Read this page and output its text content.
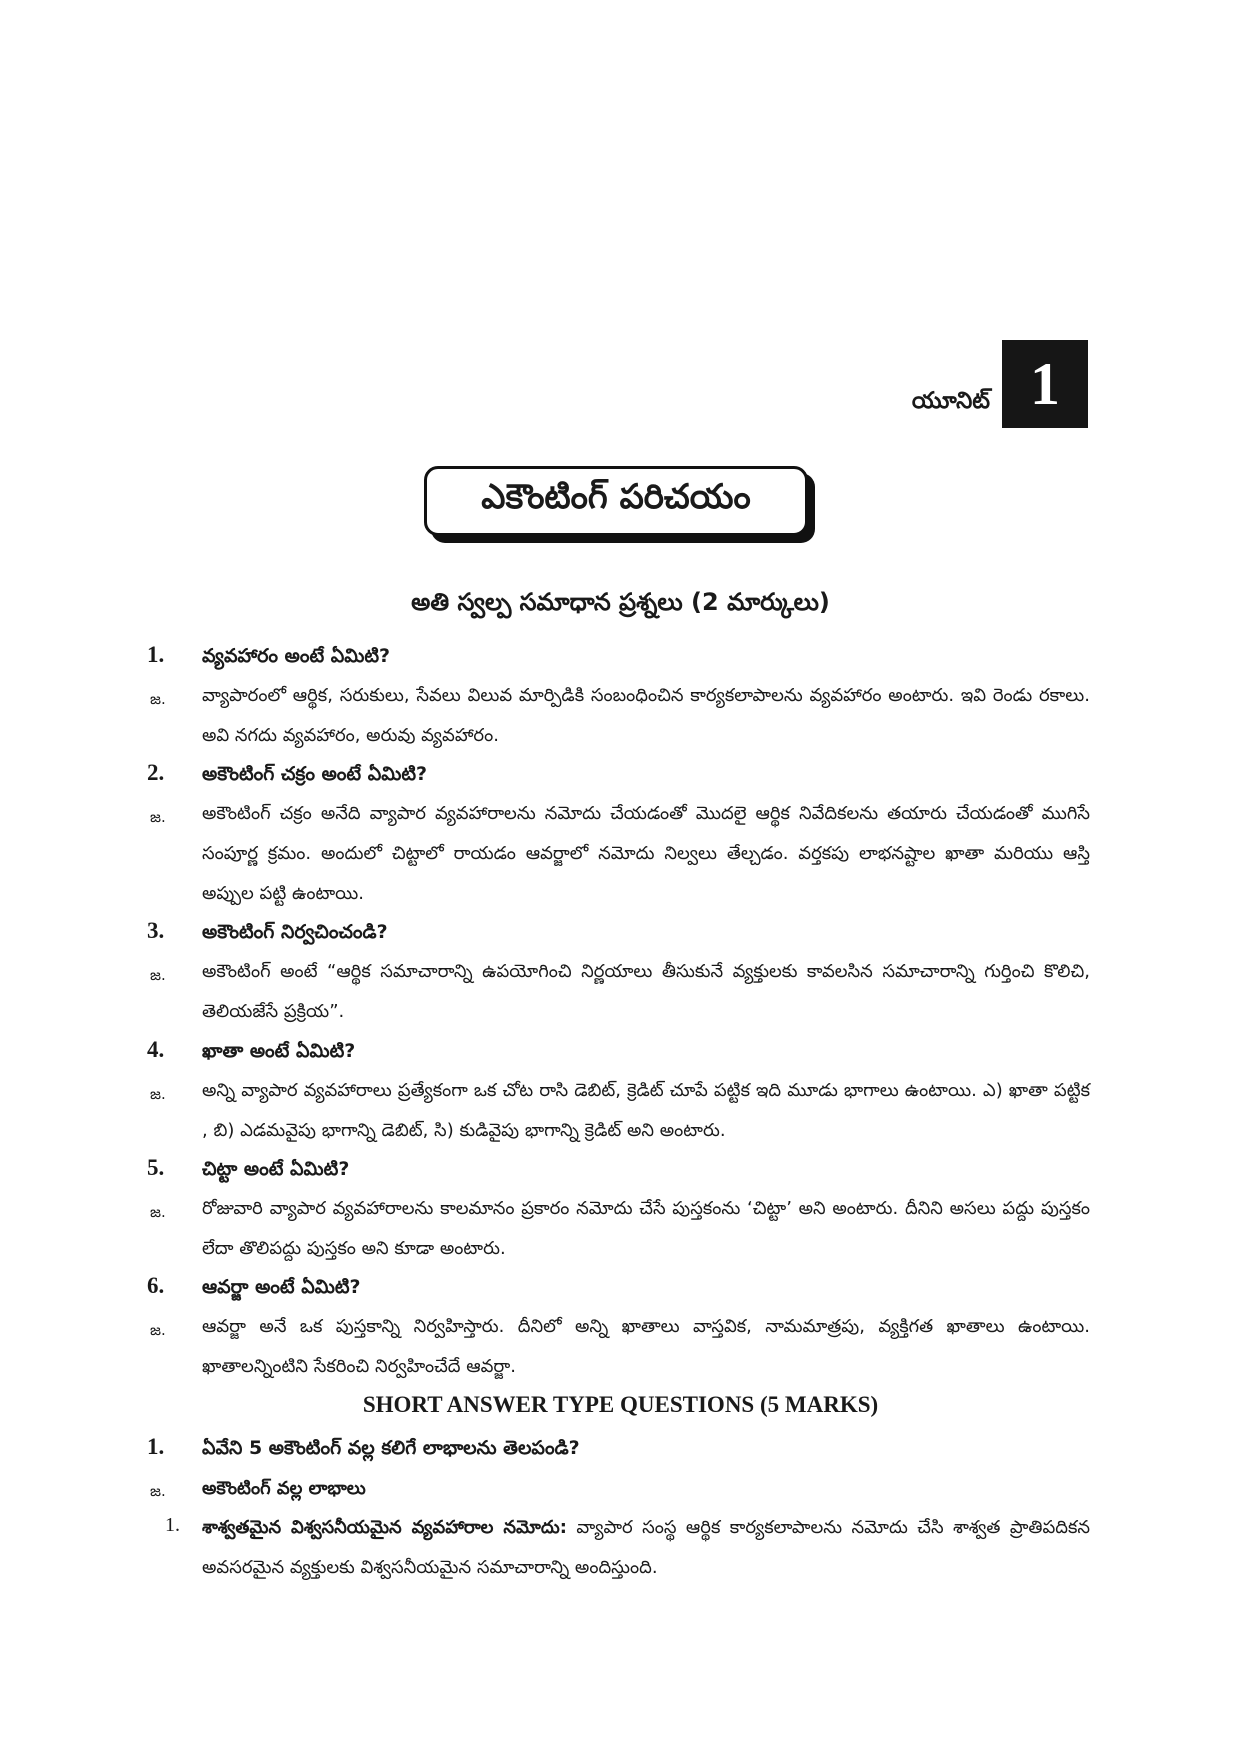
యూనిట్ 1
ఎకౌంటింగ్ పరిచయం
అతి స్వల్ప సమాధాన ప్రశ్నలు (2 మార్కులు)
1. వ్యవహారం అంటే ఏమిటి?
జ. వ్యాపారంలో ఆర్థిక, సరుకులు, సేవలు విలువ మార్పిడికి సంబంధించిన కార్యకలాపాలను వ్యవహారం అంటారు. ఇవి రెండు రకాలు. అవి నగదు వ్యవహారం, అరువు వ్యవహారం.
2. అకౌంటింగ్ చక్రం అంటే ఏమిటి?
జ. అకౌంటింగ్ చక్రం అనేది వ్యాపార వ్యవహారాలను నమోదు చేయడంతో మొదలై ఆర్థిక నివేదికలను తయారు చేయడంతో ముగిసే సంపూర్ణ క్రమం. అందులో చిట్టాలో రాయడం ఆవర్జాలో నమోదు నిల్వలు తేల్చడం. వర్తకపు లాభనష్టాల ఖాతా మరియు ఆస్తి అప్పుల పట్టి ఉంటాయి.
3. అకౌంటింగ్ నిర్వచించండి?
జ. అకౌంటింగ్ అంటే “ఆర్థిక సమాచారాన్ని ఉపయోగించి నిర్ణయాలు తీసుకునే వ్యక్తులకు కావలసిన సమాచారాన్ని గుర్తించి కొలిచి, తెలియజేసే ప్రక్రియ”.
4. ఖాతా అంటే ఏమిటి?
జ. అన్ని వ్యాపార వ్యవహారాలు ప్రత్యేకంగా ఒక చోట రాసి డెబిట్, క్రెడిట్ చూపే పట్టిక ఇది మూడు భాగాలు ఉంటాయి. ఎ) ఖాతా పట్టిక , బి) ఎడమవైపు భాగాన్ని డెబిట్, సి) కుడివైపు భాగాన్ని క్రెడిట్ అని అంటారు.
5. చిట్టా అంటే ఏమిటి?
జ. రోజువారి వ్యాపార వ్యవహారాలను కాలమానం ప్రకారం నమోదు చేసే పుస్తకంను ‘చిట్టా’ అని అంటారు. దీనిని అసలు పద్దు పుస్తకం లేదా తొలిపద్దు పుస్తకం అని కూడా అంటారు.
6. ఆవర్జా అంటే ఏమిటి?
జ. ఆవర్జా అనే ఒక పుస్తకాన్ని నిర్వహిస్తారు. దీనిలో అన్ని ఖాతాలు వాస్తవిక, నామమాత్రపు, వ్యక్తిగత ఖాతాలు ఉంటాయి. ఖాతాలన్నింటిని సేకరించి నిర్వహించేదే ఆవర్జా.
SHORT ANSWER TYPE QUESTIONS (5 MARKS)
1. ఏవేని 5 అకౌంటింగ్ వల్ల కలిగే లాభాలను తెలపండి?
జ. అకౌంటింగ్ వల్ల లాభాలు
1. శాశ్వతమైన విశ్వసనీయమైన వ్యవహారాల నమోదు: వ్యాపార సంస్థ ఆర్థిక కార్యకలాపాలను నమోదు చేసి శాశ్వత ప్రాతిపదికన అవసరమైన వ్యక్తులకు విశ్వసనీయమైన సమాచారాన్ని అందిస్తుంది.
